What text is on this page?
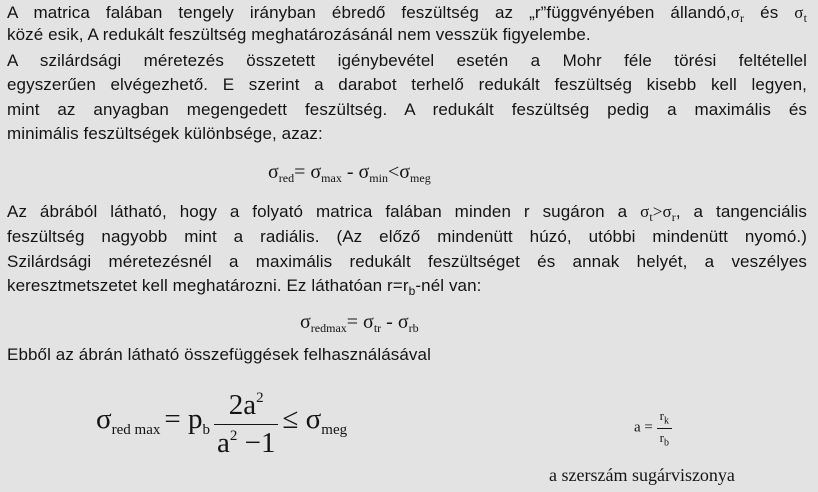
A matrica falában tengely irányban ébredő feszültség az „r”függvényében $állandó,\sigma_r$ és $\sigma_t$
közé esik, A redukált feszültség meghatározásánál nem vesszük figyelembe.
A szilárdsági méretezés összetett igénybevétel esetén a Mohr féle törési feltétellel
egyszerűen elvégezhető. E szerint a darabot terhelő redukált feszültség kisebb kell legyen,
mint az anyagban megengedett feszültség. A redukált feszültség pedig a maximális és
minimális feszültségek különbsége, azaz:
$\sigma_{red}= \sigma_{max} - \sigma_{min}<\sigma_{meg}$
Az ábrából látható, hogy a folyató matrica falában minden r sugáron a $\sigma_t>\sigma_r$, a tangenciális
feszültség nagyobb mint a radiális. (Az előző mindenütt húzó, utóbbi mindenütt nyomó.)
Szilárdsági méretezésnél a maximális redukált feszültséget és annak helyét, a veszélyes
keresztmetszetet kell meghatározni. Ez láthatóan $r=r_b$-nél van:
$\sigma_{redmax}= \sigma_{tr} - \sigma_{rb}$
Ebből az ábrán látható összefüggések felhasználásával
$\sigma_{red max} = p_b \frac{2a^2}{a^2 -1} \le \sigma_{meg}$	$a = \frac{r_k}{r_b}$
a szerszám sugárviszonya
